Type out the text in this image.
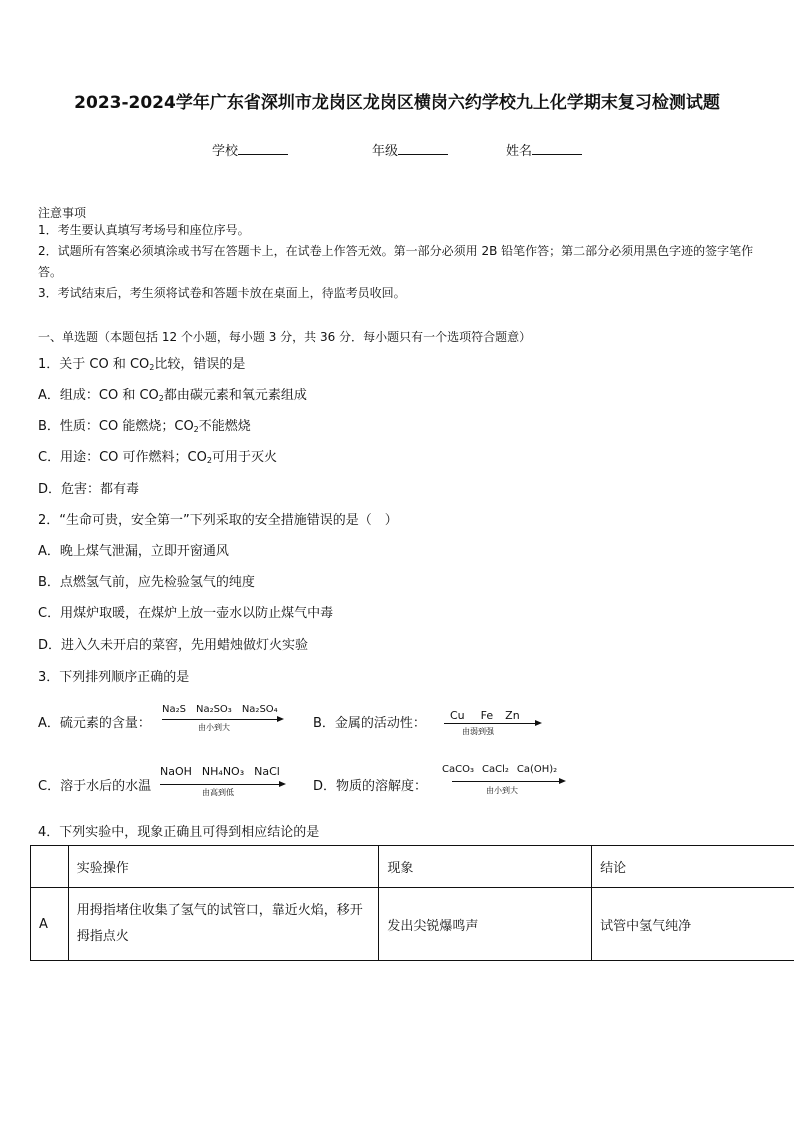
2023-2024学年广东省深圳市龙岗区龙岗区横岗六约学校九上化学期末复习检测试题
学校	年级	姓名
注意事项
1．考生要认真填写考场号和座位序号。
2．试题所有答案必须填涂或书写在答题卡上，在试卷上作答无效。第一部分必须用 2B 铅笔作答；第二部分必须用黑色字迹的签字笔作答。
3．考试结束后，考生须将试卷和答题卡放在桌面上，待监考员收回。
一、单选题（本题包括 12 个小题，每小题 3 分，共 36 分．每小题只有一个选项符合题意）
1．关于 CO 和 $CO_2$比较，错误的是
A．组成：CO 和 $CO_2$都由碳元素和氧元素组成
B．性质：CO 能燃烧；$CO_2$不能燃烧
C．用途：CO 可作燃料；$CO_2$可用于灭火
D．危害：都有毒
2．“生命可贵，安全第一”下列采取的安全措施错误的是（　）
A．晚上煤气泄漏，立即开窗通风
B．点燃氢气前，应先检验氢气的纯度
C．用煤炉取暖，在煤炉上放一壶水以防止煤气中毒
D．进入久未开启的菜窖，先用蜡烛做灯火实验
3．下列排列顺序正确的是
A．硫元素的含量：
Na₂S Na₂SO₃ Na₂SO₄
由小到大	B．金属的活动性：
Cu Fe Zn
由弱到强
C．溶于水后的水温
NaOH NH₄NO₃ NaCl
由高到低	D．物质的溶解度：
CaCO₃ CaCl₂ Ca(OH)₂
由小到大
4．下列实验中，现象正确且可得到相应结论的是
	实验操作	现象	结论
A	用拇指堵住收集了氢气的试管口，靠近火焰，移开拇指点火	发出尖锐爆鸣声	试管中氢气纯净
